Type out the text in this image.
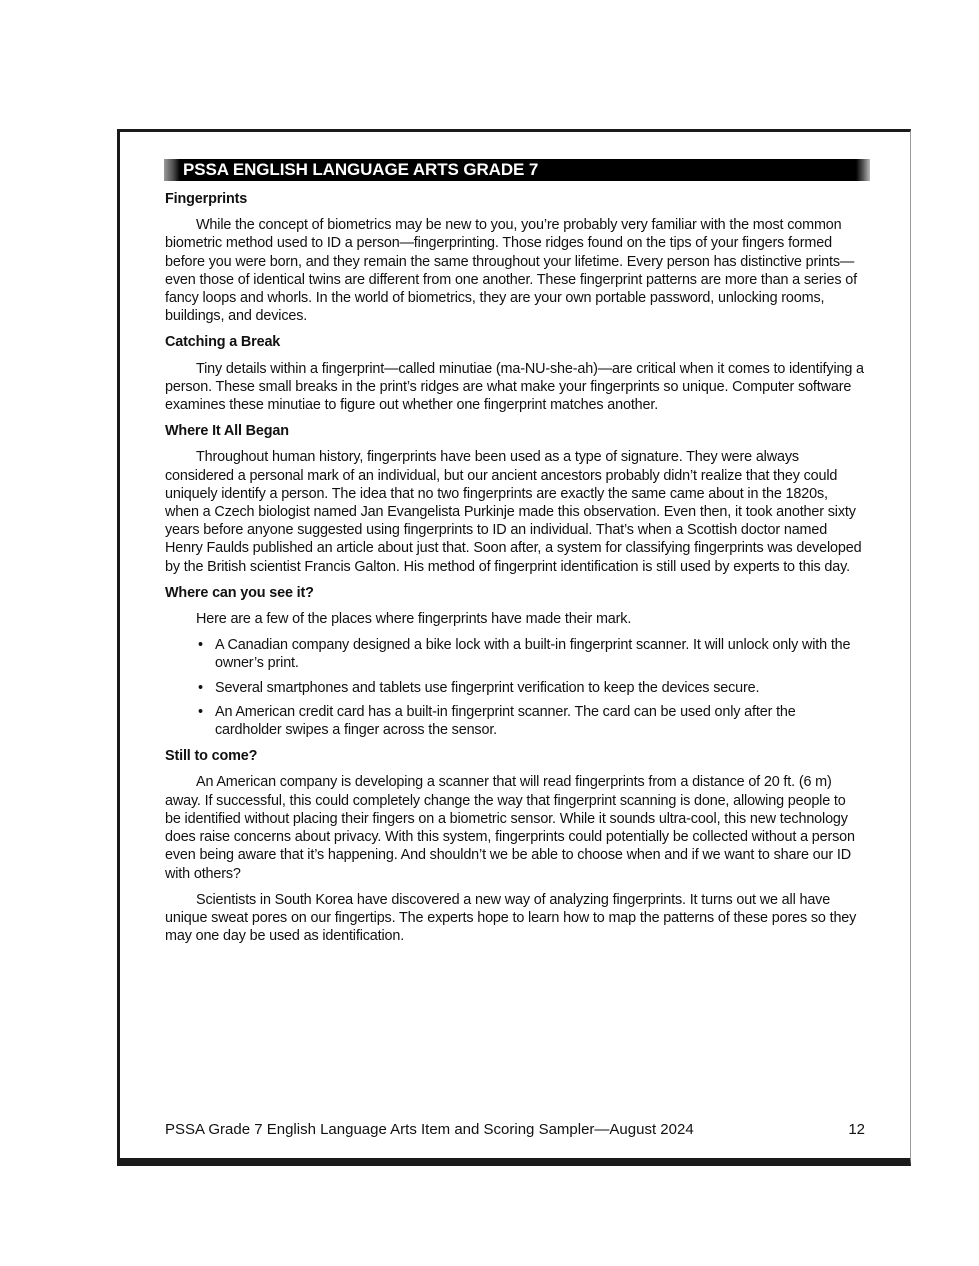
PSSA ENGLISH LANGUAGE ARTS GRADE 7
Fingerprints

While the concept of biometrics may be new to you, you’re probably very familiar with the most common biometric method used to ID a person—fingerprinting. Those ridges found on the tips of your fingers formed before you were born, and they remain the same throughout your lifetime. Every person has distinctive prints—even those of identical twins are different from one another. These fingerprint patterns are more than a series of fancy loops and whorls. In the world of biometrics, they are your own portable password, unlocking rooms, buildings, and devices.

Catching a Break

Tiny details within a fingerprint—called minutiae (ma-NU-she-ah)—are critical when it comes to identifying a person. These small breaks in the print’s ridges are what make your fingerprints so unique. Computer software examines these minutiae to figure out whether one fingerprint matches another.

Where It All Began

Throughout human history, fingerprints have been used as a type of signature. They were always considered a personal mark of an individual, but our ancient ancestors probably didn’t realize that they could uniquely identify a person. The idea that no two fingerprints are exactly the same came about in the 1820s, when a Czech biologist named Jan Evangelista Purkinje made this observation. Even then, it took another sixty years before anyone suggested using fingerprints to ID an individual. That’s when a Scottish doctor named Henry Faulds published an article about just that. Soon after, a system for classifying fingerprints was developed by the British scientist Francis Galton. His method of fingerprint identification is still used by experts to this day.

Where can you see it?

Here are a few of the places where fingerprints have made their mark.

• A Canadian company designed a bike lock with a built-in fingerprint scanner. It will unlock only with the owner’s print.
• Several smartphones and tablets use fingerprint verification to keep the devices secure.
• An American credit card has a built-in fingerprint scanner. The card can be used only after the cardholder swipes a finger across the sensor.
Still to come?

An American company is developing a scanner that will read fingerprints from a distance of 20 ft. (6 m) away. If successful, this could completely change the way that fingerprint scanning is done, allowing people to be identified without placing their fingers on a biometric sensor. While it sounds ultra-cool, this new technology does raise concerns about privacy. With this system, fingerprints could potentially be collected without a person even being aware that it’s happening. And shouldn’t we be able to choose when and if we want to share our ID with others?

Scientists in South Korea have discovered a new way of analyzing fingerprints. It turns out we all have unique sweat pores on our fingertips. The experts hope to learn how to map the patterns of these pores so they may one day be used as identification.

PSSA Grade 7 English Language Arts Item and Scoring Sampler—August 2024	12
